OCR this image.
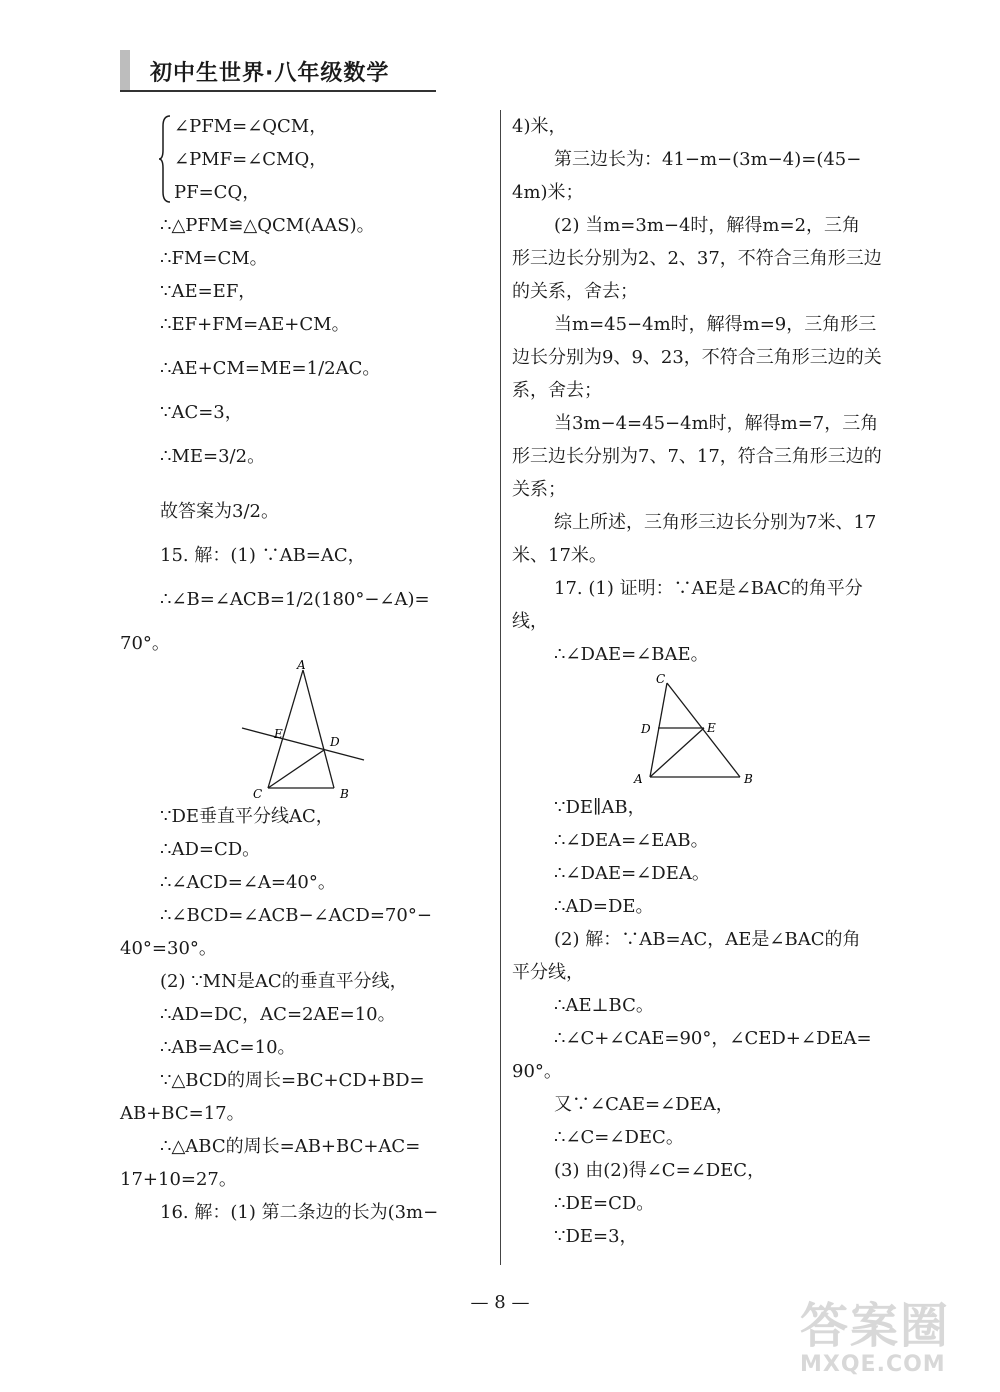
初中生世界·八年级数学
∠PFM=∠QCM，
∠PMF=∠CMQ，
PF=CQ，
∴△PFM≌△QCM(AAS)。
∴FM=CM。
∵AE=EF，
∴EF+FM=AE+CM。
∴AE+CM=ME=1/2AC。
∵AC=3，
∴ME=3/2。
故答案为3/2。
15. 解：(1) ∵AB=AC，
∴∠B=∠ACB=1/2(180°−∠A)=
70°。
A
E
D
C	B
∵DE垂直平分线AC，
∴AD=CD。
∴∠ACD=∠A=40°。
∴∠BCD=∠ACB−∠ACD=70°−
40°=30°。
(2) ∵MN是AC的垂直平分线，
∴AD=DC，AC=2AE=10。
∴AB=AC=10。
∵△BCD的周长=BC+CD+BD=
AB+BC=17。
∴△ABC的周长=AB+BC+AC=
17+10=27。
16. 解：(1) 第二条边的长为(3m−
4)米，
第三边长为：41−m−(3m−4)=(45−
4m)米；
(2) 当m=3m−4时，解得m=2，三角
形三边长分别为2、2、37，不符合三角形三边
的关系，舍去；
当m=45−4m时，解得m=9，三角形三
边长分别为9、9、23，不符合三角形三边的关
系，舍去；
当3m−4=45−4m时，解得m=7，三角
形三边长分别为7、7、17，符合三角形三边的
关系；
综上所述，三角形三边长分别为7米、17
米、17米。
17. (1) 证明：∵AE是∠BAC的角平分
线，
∴∠DAE=∠BAE。
C
D	E
A	B
∵DE∥AB，
∴∠DEA=∠EAB。
∴∠DAE=∠DEA。
∴AD=DE。
(2) 解：∵AB=AC，AE是∠BAC的角
平分线，
∴AE⊥BC。
∴∠C+∠CAE=90°，∠CED+∠DEA=
90°。
又∵∠CAE=∠DEA，
∴∠C=∠DEC。
(3) 由(2)得∠C=∠DEC，
∴DE=CD。
∵DE=3，
— 8 —	答案圈
MXQE.COM
